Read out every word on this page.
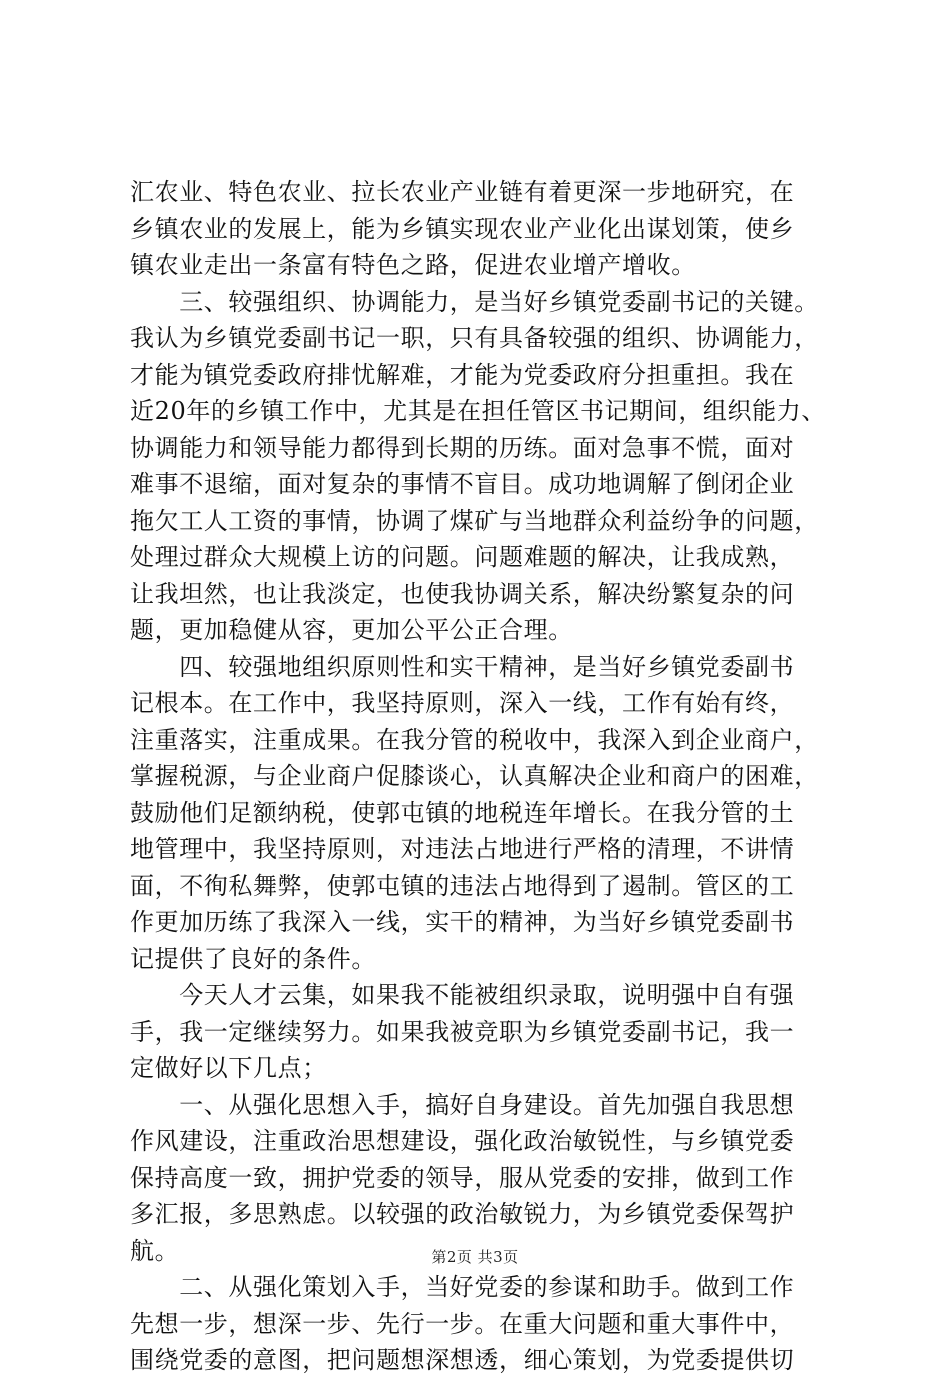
汇农业、特色农业、拉长农业产业链有着更深一步地研究，在
乡镇农业的发展上，能为乡镇实现农业产业化出谋划策，使乡
镇农业走出一条富有特色之路，促进农业增产增收。
　　三、较强组织、协调能力，是当好乡镇党委副书记的关键。
我认为乡镇党委副书记一职，只有具备较强的组织、协调能力，
才能为镇党委政府排忧解难，才能为党委政府分担重担。我在
近20年的乡镇工作中，尤其是在担任管区书记期间，组织能力、
协调能力和领导能力都得到长期的历练。面对急事不慌，面对
难事不退缩，面对复杂的事情不盲目。成功地调解了倒闭企业
拖欠工人工资的事情，协调了煤矿与当地群众利益纷争的问题，
处理过群众大规模上访的问题。问题难题的解决，让我成熟，
让我坦然，也让我淡定，也使我协调关系，解决纷繁复杂的问
题，更加稳健从容，更加公平公正合理。
　　四、较强地组织原则性和实干精神，是当好乡镇党委副书
记根本。在工作中，我坚持原则，深入一线，工作有始有终，
注重落实，注重成果。在我分管的税收中，我深入到企业商户，
掌握税源，与企业商户促膝谈心，认真解决企业和商户的困难，
鼓励他们足额纳税，使郭屯镇的地税连年增长。在我分管的土
地管理中，我坚持原则，对违法占地进行严格的清理，不讲情
面，不徇私舞弊，使郭屯镇的违法占地得到了遏制。管区的工
作更加历练了我深入一线，实干的精神，为当好乡镇党委副书
记提供了良好的条件。
　　今天人才云集，如果我不能被组织录取，说明强中自有强
手，我一定继续努力。如果我被竞职为乡镇党委副书记，我一
定做好以下几点；
　　一、从强化思想入手，搞好自身建设。首先加强自我思想
作风建设，注重政治思想建设，强化政治敏锐性，与乡镇党委
保持高度一致，拥护党委的领导，服从党委的安排，做到工作
多汇报，多思熟虑。以较强的政治敏锐力，为乡镇党委保驾护
航。
　　二、从强化策划入手，当好党委的参谋和助手。做到工作
先想一步，想深一步、先行一步。在重大问题和重大事件中，
围绕党委的意图，把问题想深想透，细心策划，为党委提供切
第2页 共3页
